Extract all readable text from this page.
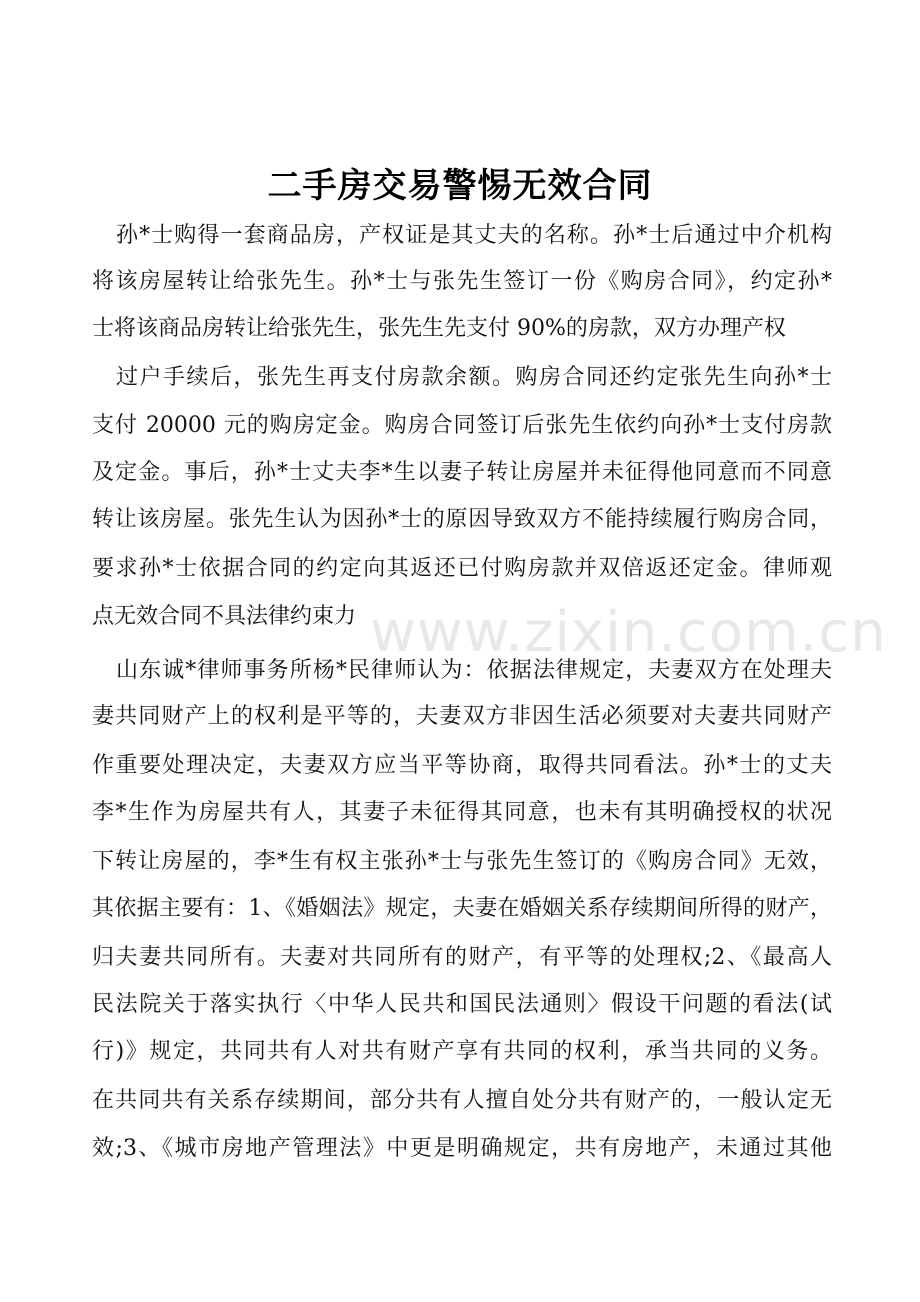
www.zixin.com.cn
二手房交易警惕无效合同
孙*士购得一套商品房，产权证是其丈夫的名称。孙*士后通过中介机构
将该房屋转让给张先生。孙*士与张先生签订一份《购房合同》，约定孙*
士将该商品房转让给张先生，张先生先支付 90%的房款，双方办理产权
过户手续后，张先生再支付房款余额。购房合同还约定张先生向孙*士
支付 20000 元的购房定金。购房合同签订后张先生依约向孙*士支付房款
及定金。事后，孙*士丈夫李*生以妻子转让房屋并未征得他同意而不同意
转让该房屋。张先生认为因孙*士的原因导致双方不能持续履行购房合同，
要求孙*士依据合同的约定向其返还已付购房款并双倍返还定金。律师观
点无效合同不具法律约束力
山东诚*律师事务所杨*民律师认为：依据法律规定，夫妻双方在处理夫
妻共同财产上的权利是平等的，夫妻双方非因生活必须要对夫妻共同财产
作重要处理决定，夫妻双方应当平等协商，取得共同看法。孙*士的丈夫
李*生作为房屋共有人，其妻子未征得其同意，也未有其明确授权的状况
下转让房屋的，李*生有权主张孙*士与张先生签订的《购房合同》无效，
其依据主要有：1、《婚姻法》规定，夫妻在婚姻关系存续期间所得的财产，
归夫妻共同所有。夫妻对共同所有的财产，有平等的处理权;2、《最高人
民法院关于落实执行〈中华人民共和国民法通则〉假设干问题的看法(试
行)》规定，共同共有人对共有财产享有共同的权利，承当共同的义务。
在共同共有关系存续期间，部分共有人擅自处分共有财产的，一般认定无
效;3、《城市房地产管理法》中更是明确规定，共有房地产，未通过其他
